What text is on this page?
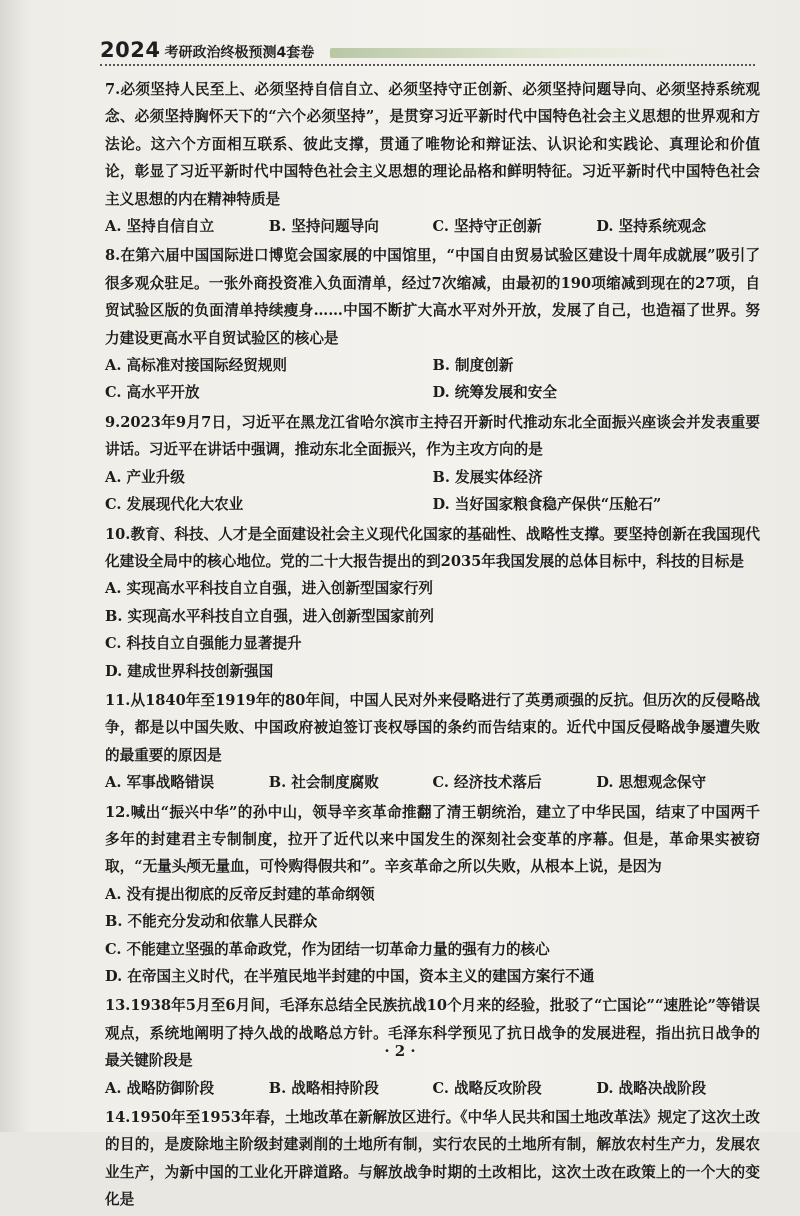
2024 考研政治终极预测4套卷
7.必须坚持人民至上、必须坚持自信自立、必须坚持守正创新、必须坚持问题导向、必须坚持系统观念、必须坚持胸怀天下的“六个必须坚持”，是贯穿习近平新时代中国特色社会主义思想的世界观和方法论。这六个方面相互联系、彼此支撑，贯通了唯物论和辩证法、认识论和实践论、真理论和价值论，彰显了习近平新时代中国特色社会主义思想的理论品格和鲜明特征。习近平新时代中国特色社会主义思想的内在精神特质是
A. 坚持自信自立	B. 坚持问题导向	C. 坚持守正创新	D. 坚持系统观念
8.在第六届中国国际进口博览会国家展的中国馆里，“中国自由贸易试验区建设十周年成就展”吸引了很多观众驻足。一张外商投资准入负面清单，经过7次缩减，由最初的190项缩减到现在的27项，自贸试验区版的负面清单持续瘦身……中国不断扩大高水平对外开放，发展了自己，也造福了世界。努力建设更高水平自贸试验区的核心是
A. 高标准对接国际经贸规则	B. 制度创新
C. 高水平开放	D. 统筹发展和安全
9.2023年9月7日，习近平在黑龙江省哈尔滨市主持召开新时代推动东北全面振兴座谈会并发表重要讲话。习近平在讲话中强调，推动东北全面振兴，作为主攻方向的是
A. 产业升级	B. 发展实体经济
C. 发展现代化大农业	D. 当好国家粮食稳产保供“压舱石”
10.教育、科技、人才是全面建设社会主义现代化国家的基础性、战略性支撑。要坚持创新在我国现代化建设全局中的核心地位。党的二十大报告提出的到2035年我国发展的总体目标中，科技的目标是
A. 实现高水平科技自立自强，进入创新型国家行列
B. 实现高水平科技自立自强，进入创新型国家前列
C. 科技自立自强能力显著提升
D. 建成世界科技创新强国
11.从1840年至1919年的80年间，中国人民对外来侵略进行了英勇顽强的反抗。但历次的反侵略战争，都是以中国失败、中国政府被迫签订丧权辱国的条约而告结束的。近代中国反侵略战争屡遭失败的最重要的原因是
A. 军事战略错误	B. 社会制度腐败	C. 经济技术落后	D. 思想观念保守
12.喊出“振兴中华”的孙中山，领导辛亥革命推翻了清王朝统治，建立了中华民国，结束了中国两千多年的封建君主专制制度，拉开了近代以来中国发生的深刻社会变革的序幕。但是，革命果实被窃取，“无量头颅无量血，可怜购得假共和”。辛亥革命之所以失败，从根本上说，是因为
A. 没有提出彻底的反帝反封建的革命纲领
B. 不能充分发动和依靠人民群众
C. 不能建立坚强的革命政党，作为团结一切革命力量的强有力的核心
D. 在帝国主义时代，在半殖民地半封建的中国，资本主义的建国方案行不通
13.1938年5月至6月间，毛泽东总结全民族抗战10个月来的经验，批驳了“亡国论”“速胜论”等错误观点，系统地阐明了持久战的战略总方针。毛泽东科学预见了抗日战争的发展进程，指出抗日战争的最关键阶段是
A. 战略防御阶段	B. 战略相持阶段	C. 战略反攻阶段	D. 战略决战阶段
14.1950年至1953年春，土地改革在新解放区进行。《中华人民共和国土地改革法》规定了这次土改的目的，是废除地主阶级封建剥削的土地所有制，实行农民的土地所有制，解放农村生产力，发展农业生产，为新中国的工业化开辟道路。与解放战争时期的土改相比，这次土改在政策上的一个大的变化是
· 2 ·
